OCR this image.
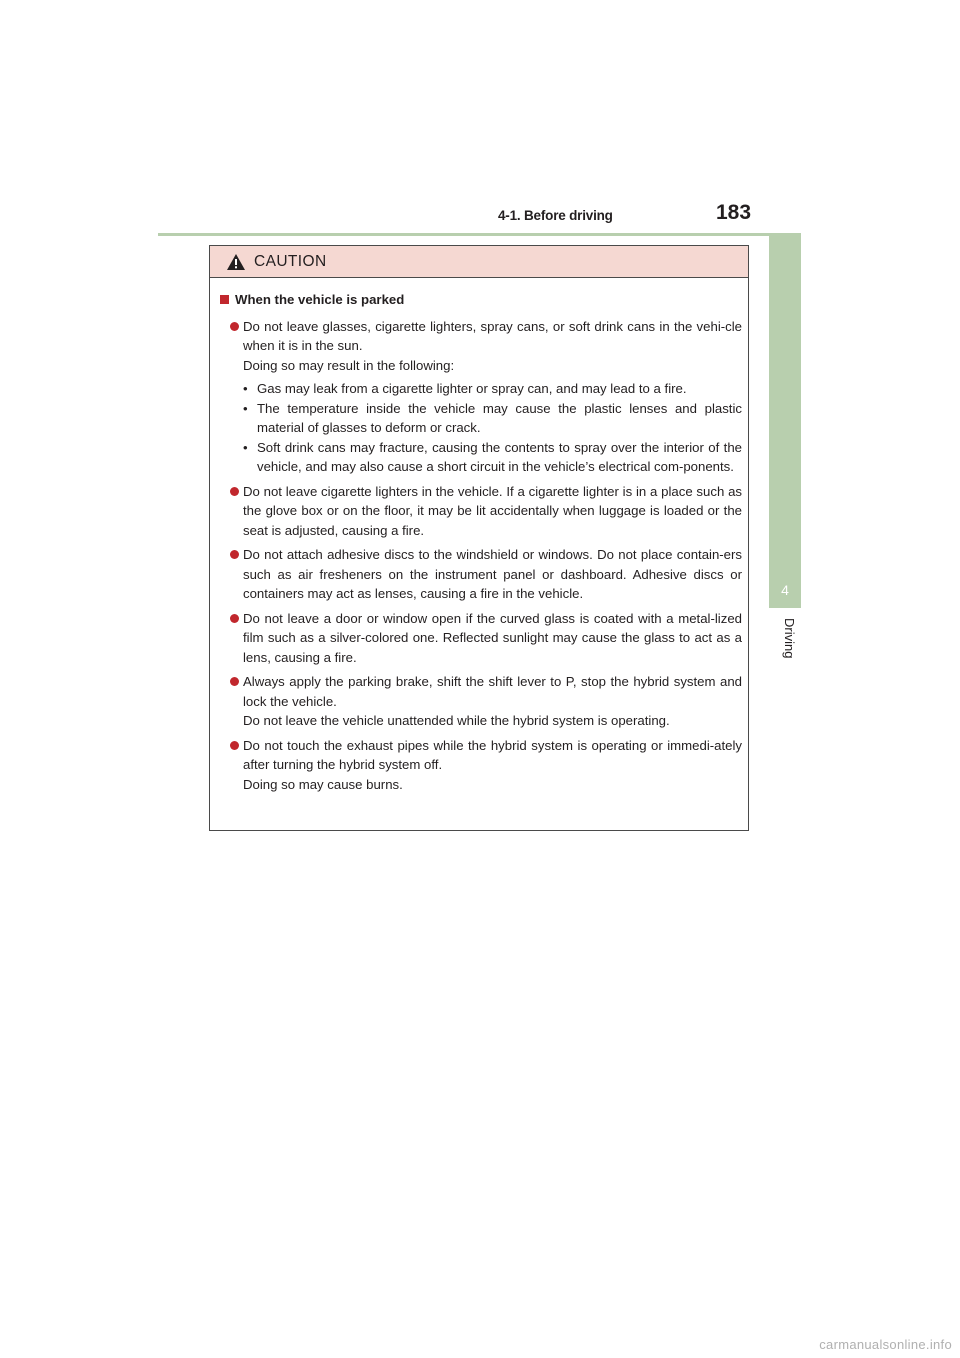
4-1. Before driving	183
4
Driving
CAUTION
When the vehicle is parked
Do not leave glasses, cigarette lighters, spray cans, or soft drink cans in the vehi-cle when it is in the sun.
Doing so may result in the following:
• Gas may leak from a cigarette lighter or spray can, and may lead to a fire.
• The temperature inside the vehicle may cause the plastic lenses and plastic material of glasses to deform or crack.
• Soft drink cans may fracture, causing the contents to spray over the interior of the vehicle, and may also cause a short circuit in the vehicle’s electrical com-ponents.
Do not leave cigarette lighters in the vehicle. If a cigarette lighter is in a place such as the glove box or on the floor, it may be lit accidentally when luggage is loaded or the seat is adjusted, causing a fire.
Do not attach adhesive discs to the windshield or windows. Do not place contain-ers such as air fresheners on the instrument panel or dashboard. Adhesive discs or containers may act as lenses, causing a fire in the vehicle.
Do not leave a door or window open if the curved glass is coated with a metal-lized film such as a silver-colored one. Reflected sunlight may cause the glass to act as a lens, causing a fire.
Always apply the parking brake, shift the shift lever to P, stop the hybrid system and lock the vehicle.
Do not leave the vehicle unattended while the hybrid system is operating.
Do not touch the exhaust pipes while the hybrid system is operating or immedi-ately after turning the hybrid system off.
Doing so may cause burns.
carmanualsonline.info
